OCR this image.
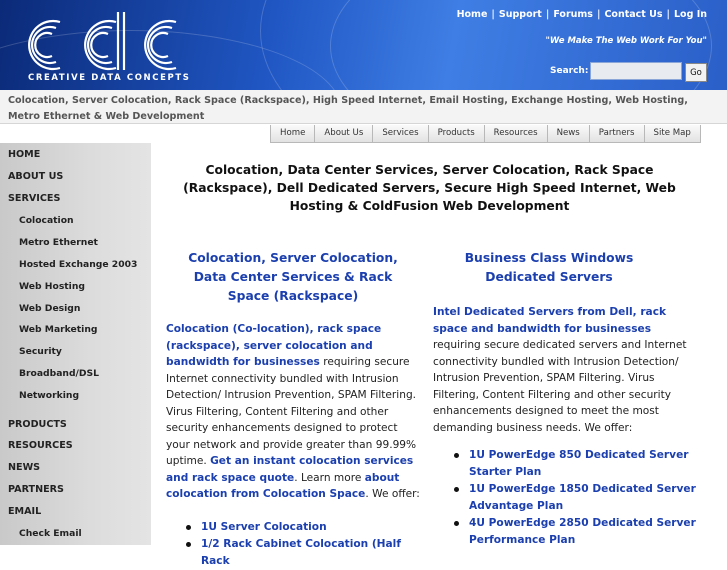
CREATIVE DATA CONCEPTS
Home | Support | Forums | Contact Us | Log In
"We Make The Web Work For You"
Search:	Go
Colocation, Server Colocation, Rack Space (Rackspace), High Speed Internet, Email Hosting, Exchange Hosting, Web Hosting, Metro Ethernet & Web Development
Home	About Us	Services	Products	Resources	News	Partners	Site Map
HOME
ABOUT US
SERVICES
Colocation
Metro Ethernet
Hosted Exchange 2003
Web Hosting
Web Design
Web Marketing
Security
Broadband/DSL
Networking
PRODUCTS
RESOURCES
NEWS
PARTNERS
EMAIL
Check Email
Colocation, Data Center Services, Server Colocation, Rack Space (Rackspace), Dell Dedicated Servers, Secure High Speed Internet, Web Hosting & ColdFusion Web Development
Colocation, Server Colocation, Data Center Services & Rack Space (Rackspace)
Colocation (Co-location), rack space (rackspace), server colocation and bandwidth for businesses requiring secure Internet connectivity bundled with Intrusion Detection/ Intrusion Prevention, SPAM Filtering. Virus Filtering, Content Filtering and other security enhancements designed to protect your network and provide greater than 99.99% uptime. Get an instant colocation services and rack space quote. Learn more about colocation from Colocation Space. We offer:
1U Server Colocation
1/2 Rack Cabinet Colocation (Half Rack
Business Class Windows Dedicated Servers
Intel Dedicated Servers from Dell, rack space and bandwidth for businesses requiring secure dedicated servers and Internet connectivity bundled with Intrusion Detection/ Intrusion Prevention, SPAM Filtering. Virus Filtering, Content Filtering and other security enhancements designed to meet the most demanding business needs. We offer:
1U PowerEdge 850 Dedicated Server Starter Plan
1U PowerEdge 1850 Dedicated Server Advantage Plan
4U PowerEdge 2850 Dedicated Server Performance Plan
